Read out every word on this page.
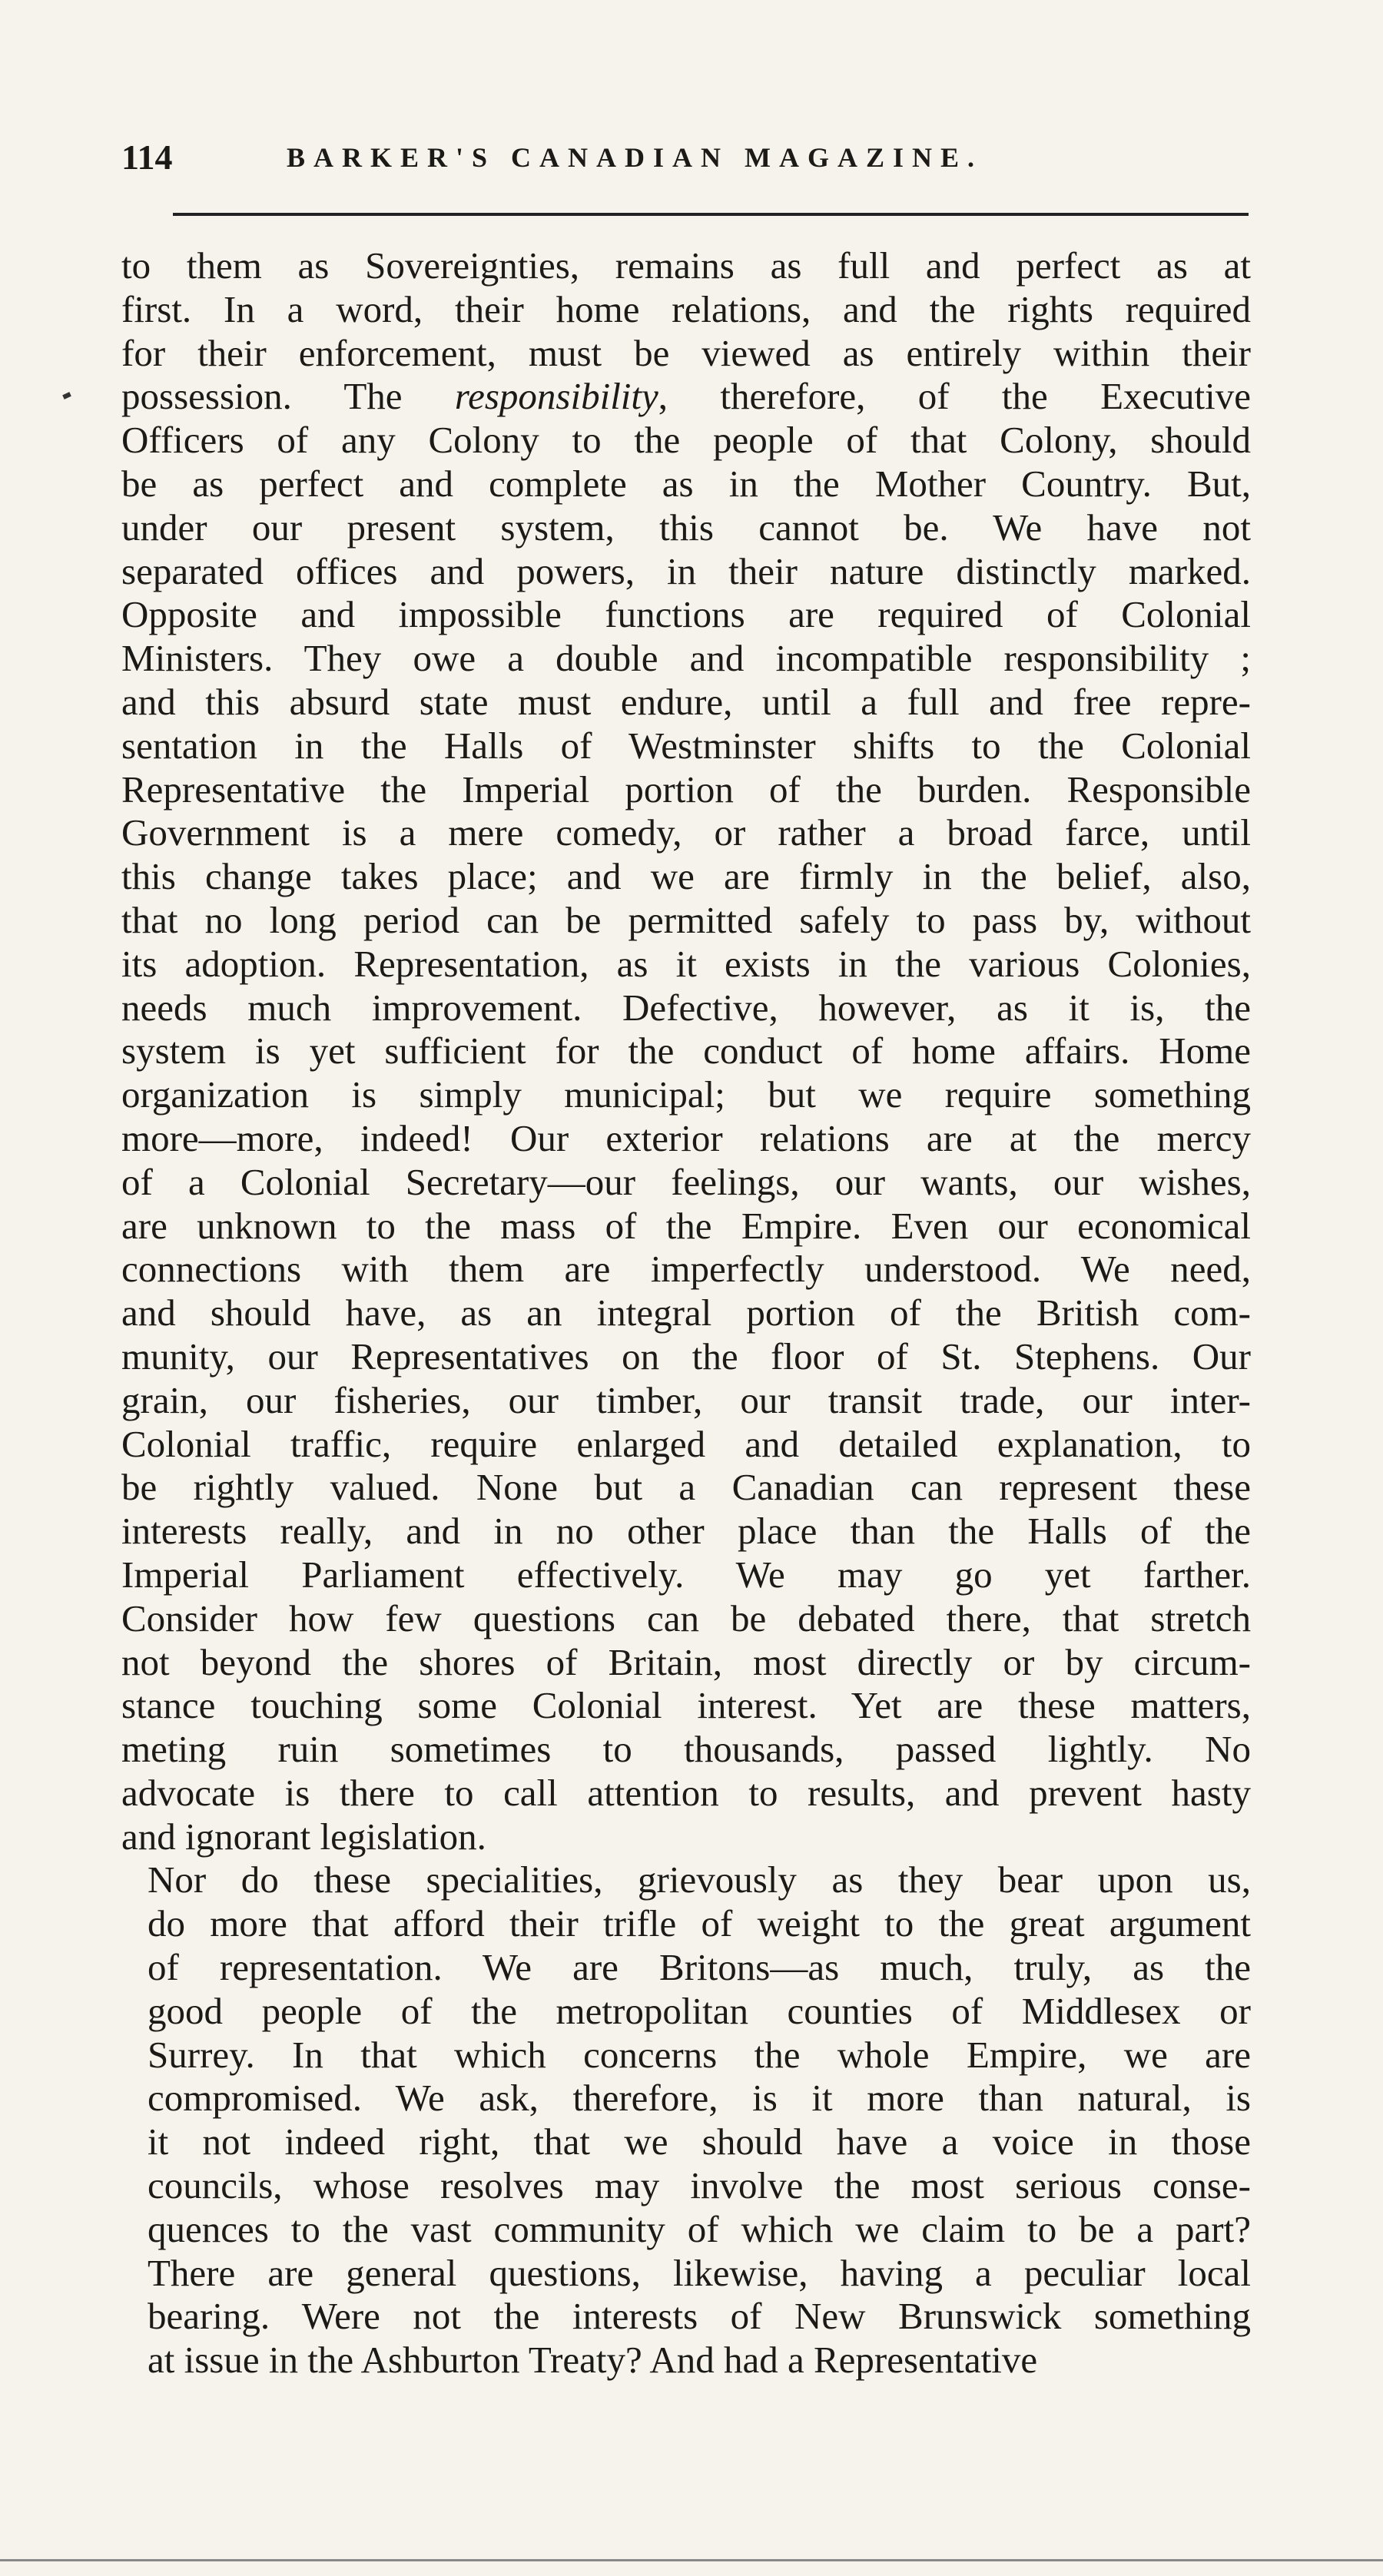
114	BARKER'S CANADIAN MAGAZINE.
to them as Sovereignties, remains as full and perfect as at
first. In a word, their home relations, and the rights required
for their enforcement, must be viewed as entirely within their
possession. The responsibility, therefore, of the Executive
Officers of any Colony to the people of that Colony, should
be as perfect and complete as in the Mother Country. But,
under our present system, this cannot be. We have not
separated offices and powers, in their nature distinctly marked.
Opposite and impossible functions are required of Colonial
Ministers. They owe a double and incompatible responsibility ;
and this absurd state must endure, until a full and free repre-
sentation in the Halls of Westminster shifts to the Colonial
Representative the Imperial portion of the burden. Responsible
Government is a mere comedy, or rather a broad farce, until
this change takes place; and we are firmly in the belief, also,
that no long period can be permitted safely to pass by, without
its adoption. Representation, as it exists in the various Colonies,
needs much improvement. Defective, however, as it is, the
system is yet sufficient for the conduct of home affairs. Home
organization is simply municipal; but we require something
more—more, indeed! Our exterior relations are at the mercy
of a Colonial Secretary—our feelings, our wants, our wishes,
are unknown to the mass of the Empire. Even our economical
connections with them are imperfectly understood. We need,
and should have, as an integral portion of the British com-
munity, our Representatives on the floor of St. Stephens. Our
grain, our fisheries, our timber, our transit trade, our inter-
Colonial traffic, require enlarged and detailed explanation, to
be rightly valued. None but a Canadian can represent these
interests really, and in no other place than the Halls of the
Imperial Parliament effectively. We may go yet farther.
Consider how few questions can be debated there, that stretch
not beyond the shores of Britain, most directly or by circum-
stance touching some Colonial interest. Yet are these matters,
meting ruin sometimes to thousands, passed lightly. No
advocate is there to call attention to results, and prevent hasty
and ignorant legislation.
Nor do these specialities, grievously as they bear upon us,
do more that afford their trifle of weight to the great argument
of representation. We are Britons—as much, truly, as the
good people of the metropolitan counties of Middlesex or
Surrey. In that which concerns the whole Empire, we are
compromised. We ask, therefore, is it more than natural, is
it not indeed right, that we should have a voice in those
councils, whose resolves may involve the most serious conse-
quences to the vast community of which we claim to be a part?
There are general questions, likewise, having a peculiar local
bearing. Were not the interests of New Brunswick something
at issue in the Ashburton Treaty? And had a Representative
